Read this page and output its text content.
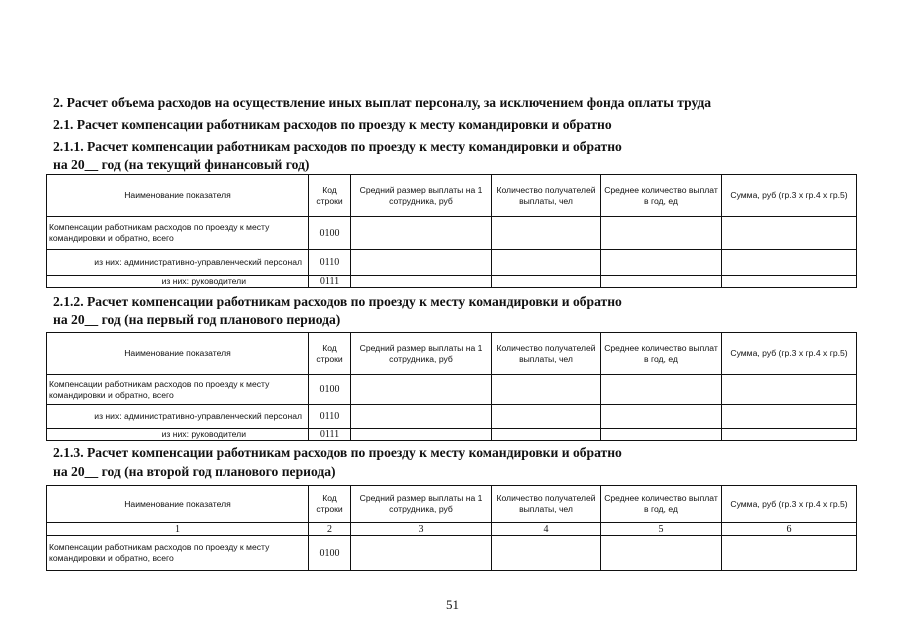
2. Расчет объема расходов на осуществление иных выплат персоналу, за исключением фонда оплаты труда
2.1. Расчет компенсации работникам расходов по проезду к месту командировки и обратно
2.1.1. Расчет компенсации работникам расходов по проезду к месту командировки и обратно
на 20__ год (на текущий финансовый год)
Наименование показателя	Код строки	Средний размер выплаты на 1 сотрудника, руб	Количество получателей выплаты, чел	Среднее количество выплат в год, ед	Сумма, руб (гр.3 x гр.4 x гр.5)
Компенсации работникам расходов по проезду к месту командировки и обратно, всего	0100				
из них: административно-управленческий персонал	0110				
из них: руководители	0111				
2.1.2. Расчет компенсации работникам расходов по проезду к месту командировки и обратно
на 20__ год (на первый год планового периода)
Наименование показателя	Код строки	Средний размер выплаты на 1 сотрудника, руб	Количество получателей выплаты, чел	Среднее количество выплат в год, ед	Сумма, руб (гр.3 x гр.4 x гр.5)
Компенсации работникам расходов по проезду к месту командировки и обратно, всего	0100				
из них: административно-управленческий персонал	0110				
из них: руководители	0111				
2.1.3. Расчет компенсации работникам расходов по проезду к месту командировки и обратно
на 20__ год (на второй год планового периода)
Наименование показателя	Код строки	Средний размер выплаты на 1 сотрудника, руб	Количество получателей выплаты, чел	Среднее количество выплат в год, ед	Сумма, руб (гр.3 x гр.4 x гр.5)
1	2	3	4	5	6
Компенсации работникам расходов по проезду к месту командировки и обратно, всего	0100				
51
